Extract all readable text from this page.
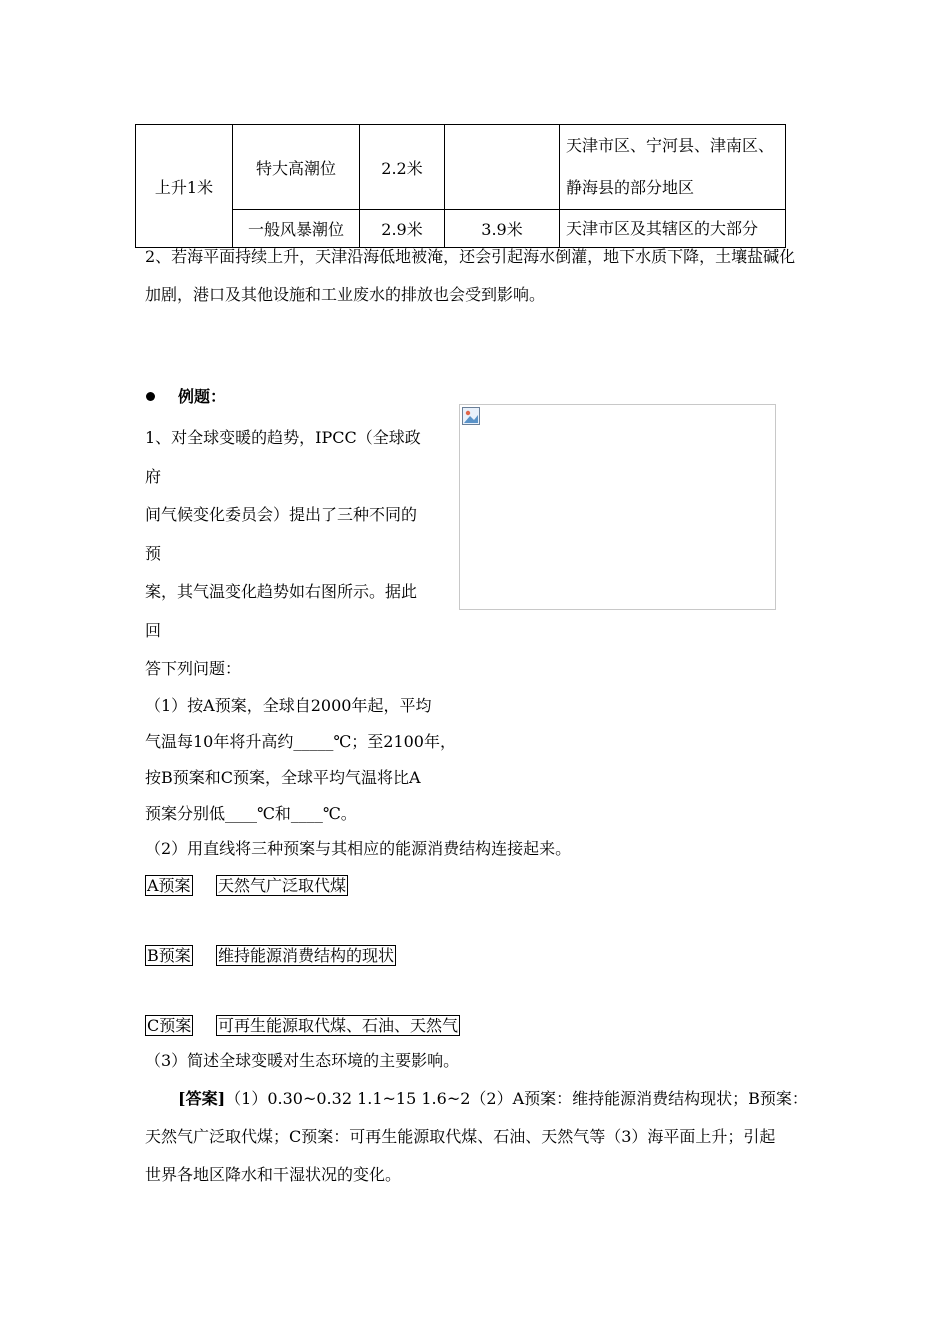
上升1米	特大高潮位	2.2米		天津市区、宁河县、津南区、静海县的部分地区
	一般风暴潮位	2.9米	3.9米	天津市区及其辖区的大部分
2、若海平面持续上升，天津沿海低地被淹，还会引起海水倒灌，地下水质下降，土壤盐碱化加剧，港口及其他设施和工业废水的排放也会受到影响。
例题：
1、对全球变暖的趋势，IPCC（全球政
府
间气候变化委员会）提出了三种不同的
预
案，其气温变化趋势如右图所示。据此
回
答下列问题：
（1）按A预案，全球自2000年起，平均
气温每10年将升高约_____℃；至2100年，
按B预案和C预案，全球平均气温将比A
预案分别低____℃和____℃。
（2）用直线将三种预案与其相应的能源消费结构连接起来。
A预案 天然气广泛取代煤
B预案 维持能源消费结构的现状
C预案 可再生能源取代煤、石油、天然气
（3）简述全球变暖对生态环境的主要影响。
[答案]（1）0.30~0.32 1.1~15 1.6~2（2）A预案：维持能源消费结构现状；B预案：
天然气广泛取代煤；C预案：可再生能源取代煤、石油、天然气等（3）海平面上升；引起
世界各地区降水和干湿状况的变化。
